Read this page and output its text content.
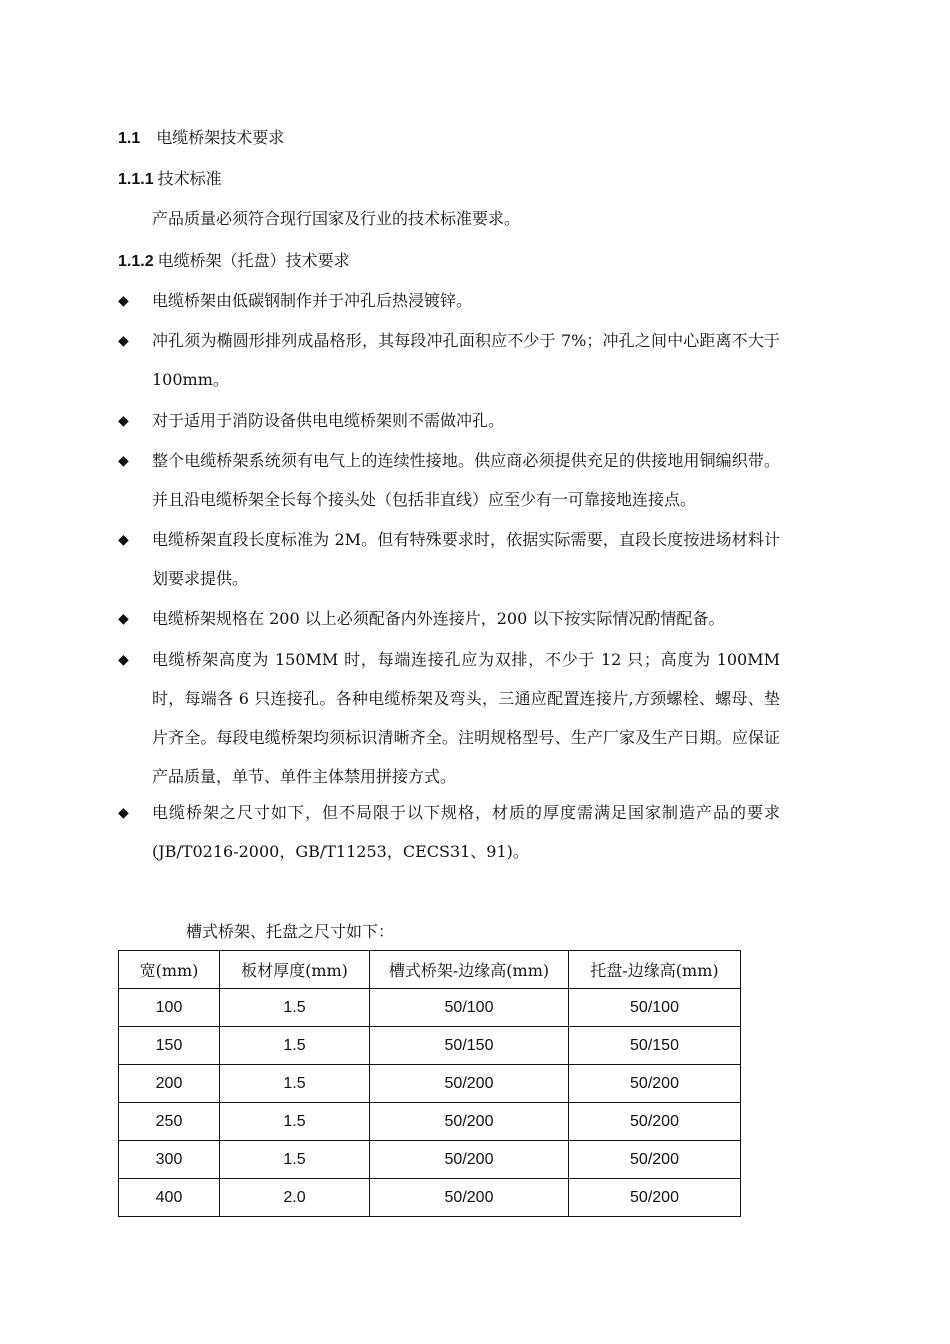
1.1 电缆桥架技术要求
1.1.1 技术标准
产品质量必须符合现行国家及行业的技术标准要求。
1.1.2 电缆桥架（托盘）技术要求
◆ 电缆桥架由低碳钢制作并于冲孔后热浸镀锌。
◆ 冲孔须为椭圆形排列成晶格形，其每段冲孔面积应不少于 7%；冲孔之间中心距离不大于 100mm。
◆ 对于适用于消防设备供电电缆桥架则不需做冲孔。
◆ 整个电缆桥架系统须有电气上的连续性接地。供应商必须提供充足的供接地用铜编织带。并且沿电缆桥架全长每个接头处（包括非直线）应至少有一可靠接地连接点。
◆ 电缆桥架直段长度标准为 2M。但有特殊要求时，依据实际需要，直段长度按进场材料计划要求提供。
◆ 电缆桥架规格在 200 以上必须配备内外连接片，200 以下按实际情况酌情配备。
◆ 电缆桥架高度为 150MM 时，每端连接孔应为双排，不少于 12 只；高度为 100MM 时，每端各 6 只连接孔。各种电缆桥架及弯头，三通应配置连接片,方颈螺栓、螺母、垫片齐全。每段电缆桥架均须标识清晰齐全。注明规格型号、生产厂家及生产日期。应保证产品质量，单节、单件主体禁用拼接方式。
◆ 电缆桥架之尺寸如下，但不局限于以下规格，材质的厚度需满足国家制造产品的要求(JB/T0216-2000，GB/T11253，CECS31、91)。
槽式桥架、托盘之尺寸如下：
宽(mm)	板材厚度(mm)	槽式桥架-边缘高(mm)	托盘-边缘高(mm)
100	1.5	50/100	50/100
150	1.5	50/150	50/150
200	1.5	50/200	50/200
250	1.5	50/200	50/200
300	1.5	50/200	50/200
400	2.0	50/200	50/200
